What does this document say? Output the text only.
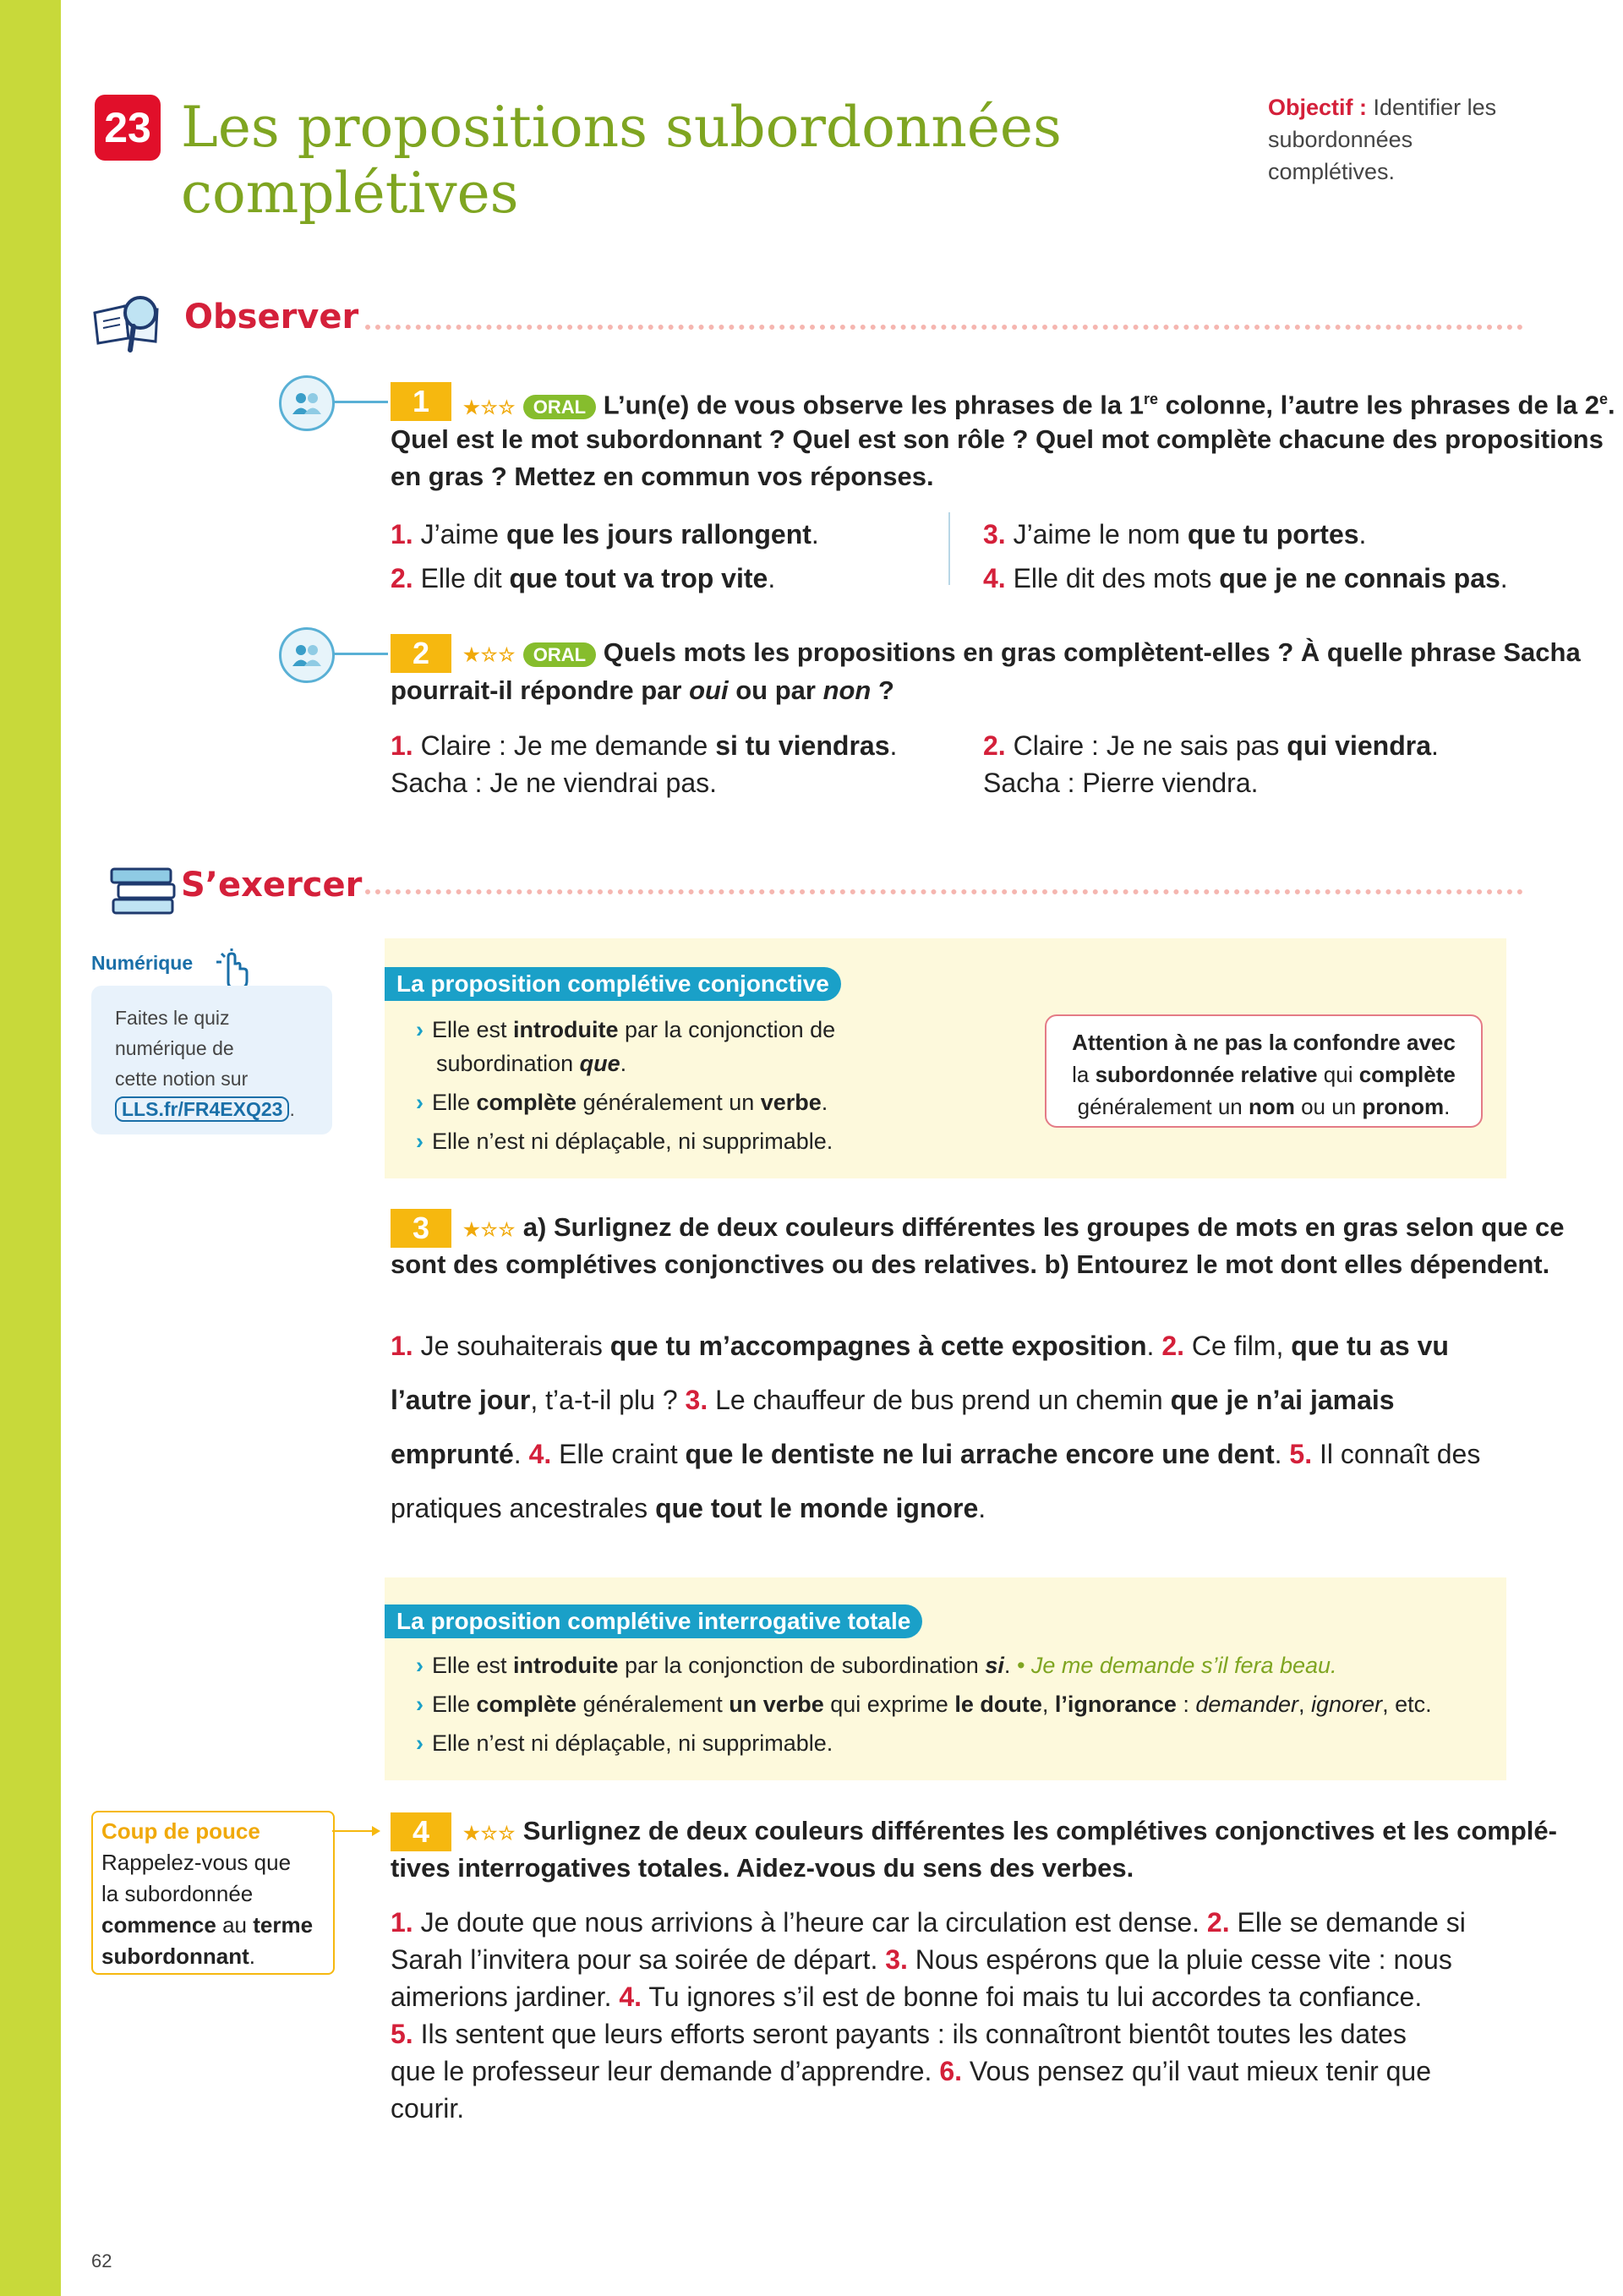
23 Les propositions subordonnées
complétives
Objectif : Identifier les subordonnées complétives.
Observer
1	★☆☆ ORAL L’un(e) de vous observe les phrases de la 1re colonne, l’autre les phrases de la 2e.
Quel est le mot subordonnant ? Quel est son rôle ? Quel mot complète chacune des propositions
en gras ? Mettez en commun vos réponses.
1. J’aime que les jours rallongent.
2. Elle dit que tout va trop vite.
3. J’aime le nom que tu portes.
4. Elle dit des mots que je ne connais pas.
2	★☆☆ ORAL Quels mots les propositions en gras complètent-elles ? À quelle phrase Sacha
pourrait-il répondre par oui ou par non ?
1. Claire : Je me demande si tu viendras.
Sacha : Je ne viendrai pas.
2. Claire : Je ne sais pas qui viendra.
Sacha : Pierre viendra.
S’exercer
Numérique
Faites le quiz
numérique de
cette notion sur
LLS.fr/FR4EXQ23 .
La proposition complétive conjonctive
› Elle est introduite par la conjonction de
subordination que.
› Elle complète généralement un verbe.
› Elle n’est ni déplaçable, ni supprimable.
Attention à ne pas la confondre avec
la subordonnée relative qui complète
généralement un nom ou un pronom.
3	★☆☆ a) Surlignez de deux couleurs différentes les groupes de mots en gras selon que ce
sont des complétives conjonctives ou des relatives. b) Entourez le mot dont elles dépendent.
1. Je souhaiterais que tu m’accompagnes à cette exposition. 2. Ce film, que tu as vu
l’autre jour, t’a-t-il plu ? 3. Le chauffeur de bus prend un chemin que je n’ai jamais
emprunté. 4. Elle craint que le dentiste ne lui arrache encore une dent. 5. Il connaît des
pratiques ancestrales que tout le monde ignore.
La proposition complétive interrogative totale
› Elle est introduite par la conjonction de subordination si. • Je me demande s’il fera beau.
› Elle complète généralement un verbe qui exprime le doute, l’ignorance : demander, ignorer, etc.
› Elle n’est ni déplaçable, ni supprimable.
Coup de pouce
Rappelez-vous que
la subordonnée
commence au terme
subordonnant.
4	★☆☆ Surlignez de deux couleurs différentes les complétives conjonctives et les complé-
tives interrogatives totales. Aidez-vous du sens des verbes.
1. Je doute que nous arrivions à l’heure car la circulation est dense. 2. Elle se demande si
Sarah l’invitera pour sa soirée de départ. 3. Nous espérons que la pluie cesse vite : nous
aimerions jardiner. 4. Tu ignores s’il est de bonne foi mais tu lui accordes ta confiance.
5. Ils sentent que leurs efforts seront payants : ils connaîtront bientôt toutes les dates
que le professeur leur demande d’apprendre. 6. Vous pensez qu’il vaut mieux tenir que
courir.
62
